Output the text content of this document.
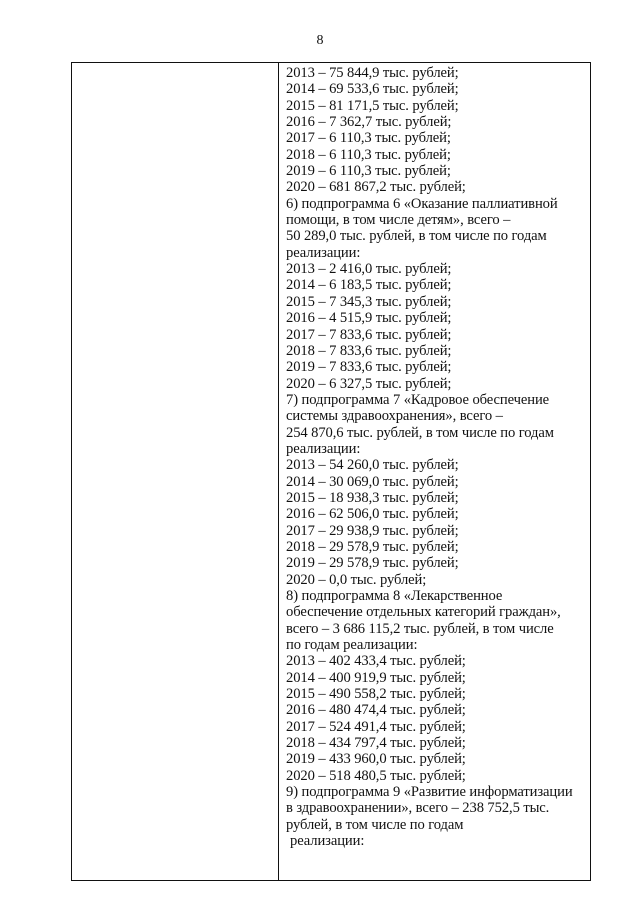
8
2013 – 75 844,9 тыс. рублей;
2014 – 69 533,6 тыс. рублей;
2015 – 81 171,5 тыс. рублей;
2016 – 7 362,7 тыс. рублей;
2017 – 6 110,3 тыс. рублей;
2018 – 6 110,3 тыс. рублей;
2019 – 6 110,3 тыс. рублей;
2020 – 681 867,2 тыс. рублей;
6) подпрограмма 6 «Оказание паллиативной
помощи, в том числе детям», всего –
50 289,0 тыс. рублей, в том числе по годам
реализации:
2013 – 2 416,0 тыс. рублей;
2014 – 6 183,5 тыс. рублей;
2015 – 7 345,3 тыс. рублей;
2016 – 4 515,9 тыс. рублей;
2017 – 7 833,6 тыс. рублей;
2018 – 7 833,6 тыс. рублей;
2019 – 7 833,6 тыс. рублей;
2020 – 6 327,5 тыс. рублей;
7) подпрограмма 7 «Кадровое обеспечение
системы здравоохранения», всего –
254 870,6 тыс. рублей, в том числе по годам
реализации:
2013 – 54 260,0 тыс. рублей;
2014 – 30 069,0 тыс. рублей;
2015 – 18 938,3 тыс. рублей;
2016 – 62 506,0 тыс. рублей;
2017 – 29 938,9 тыс. рублей;
2018 – 29 578,9 тыс. рублей;
2019 – 29 578,9 тыс. рублей;
2020 – 0,0 тыс. рублей;
8) подпрограмма 8 «Лекарственное
обеспечение отдельных категорий граждан»,
всего – 3 686 115,2 тыс. рублей, в том числе
по годам реализации:
2013 – 402 433,4 тыс. рублей;
2014 – 400 919,9 тыс. рублей;
2015 – 490 558,2 тыс. рублей;
2016 – 480 474,4 тыс. рублей;
2017 – 524 491,4 тыс. рублей;
2018 – 434 797,4 тыс. рублей;
2019 – 433 960,0 тыс. рублей;
2020 – 518 480,5 тыс. рублей;
9) подпрограмма 9 «Развитие информатизации
в здравоохранении», всего – 238 752,5 тыс.
рублей, в том числе по годам
реализации:
